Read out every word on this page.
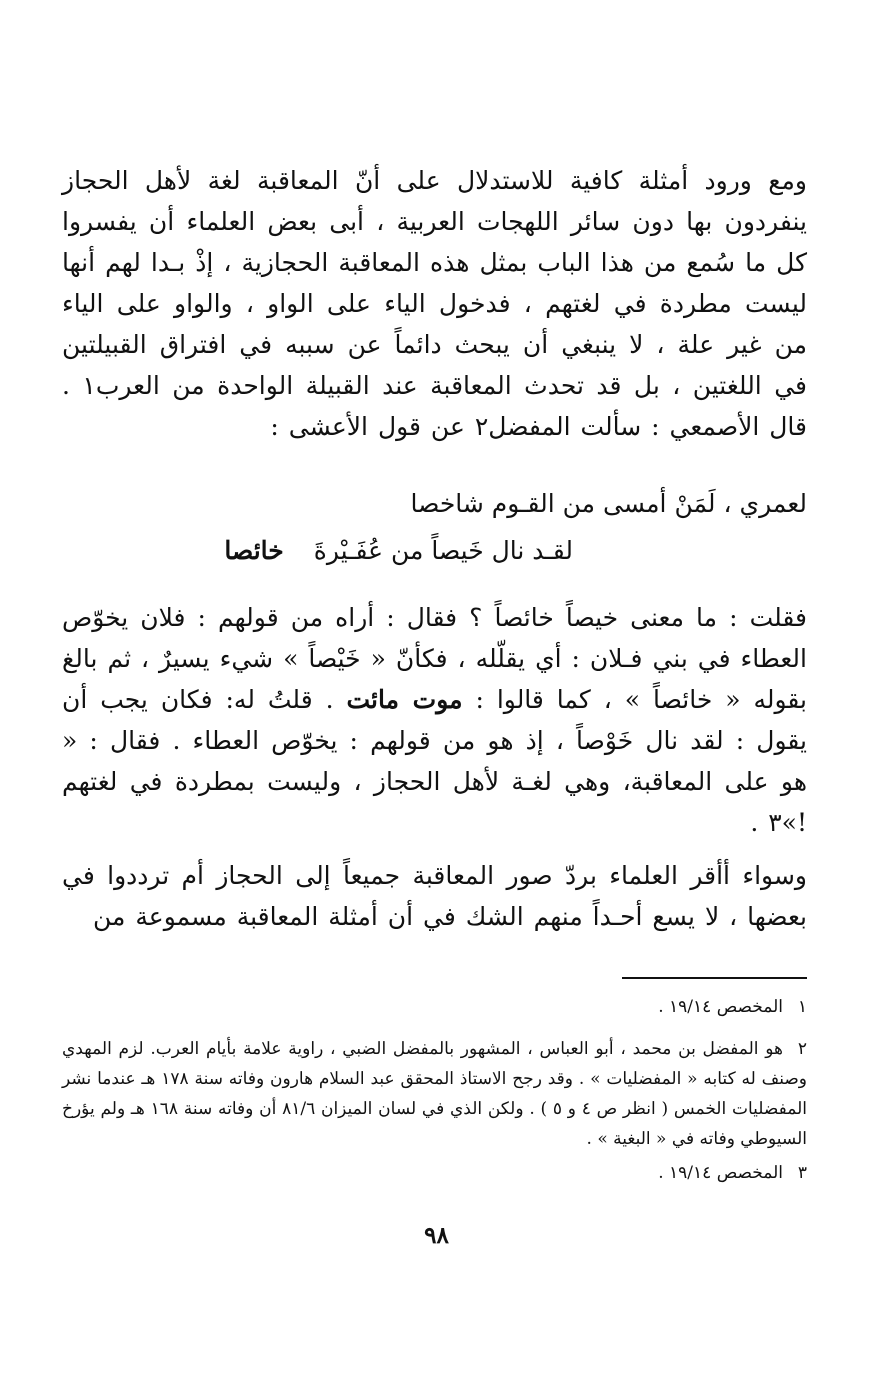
ومع ورود أمثلة كافية للاستدلال على أنّ المعاقبة لغة لأهل الحجاز ينفردون بها دون سائر اللهجات العربية ، أبى بعض العلماء أن يفسروا كل ما سُمع من هذا الباب بمثل هذه المعاقبة الحجازية ، إذْ بـدا لهم أنها ليست مطردة في لغتهم ، فدخول الياء على الواو ، والواو على الياء من غير علة ، لا ينبغي أن يبحث دائماً عن سببه في افتراق القبيلتين في اللغتين ، بل قد تحدث المعاقبة عند القبيلة الواحدة من العرب١ . قال الأصمعي : سألت المفضل٢ عن قول الأعشى :

لعمري ، لَمَنْ أمسى من القـوم شاخصا
لقـد نال خَيصاً من عُفَـيْرةَخائصا

فقلت : ما معنى خيصاً خائصاً ؟ فقال : أراه من قولهم : فلان يخوّص العطاء في بني فـلان : أي يقلّله ، فكأنّ « خَيْصاً » شيء يسيرٌ ، ثم بالغ بقوله « خائصاً » ، كما قالوا : موت مائت . قلتُ له: فكان يجب أن يقول : لقد نال خَوْصاً ، إذ هو من قولهم : يخوّص العطاء . فقال : « هو على المعاقبة، وهي لغـة لأهل الحجاز ، وليست بمطردة في لغتهم !»٣ .

وسواء أأقر العلماء بردّ صور المعاقبة جميعاً إلى الحجاز أم ترددوا في بعضها ، لا يسع أحـداً منهم الشك في أن أمثلة المعاقبة مسموعة من

١المخصص ١٩/١٤ .
٢هو المفضل بن محمد ، أبو العباس ، المشهور بالمفضل الضبي ، راوية علامة بأيام العرب. لزم المهدي وصنف له كتابه « المفضليات » . وقد رجح الاستاذ المحقق عبد السلام هارون وفاته سنة ١٧٨ هـ عندما نشر المفضليات الخمس ( انظر ص ٤ و ٥ ) . ولكن الذي في لسان الميزان ٨١/٦ أن وفاته سنة ١٦٨ هـ ولم يؤرخ السيوطي وفاته في « البغية » .
٣المخصص ١٩/١٤ .
٩٨
